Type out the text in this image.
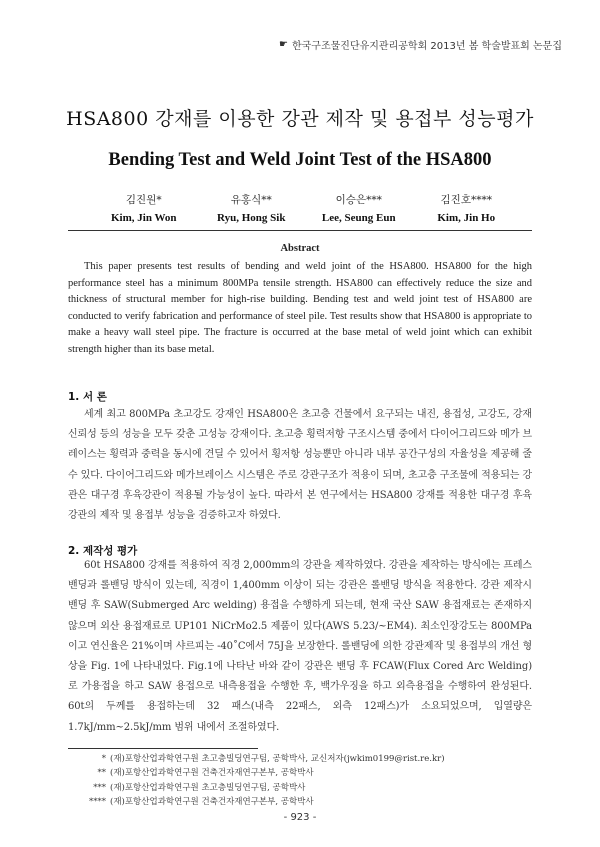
☛ 한국구조물진단유지관리공학회 2013년 봄 학술발표회 논문집
HSA800 강재를 이용한 강관 제작 및 용접부 성능평가
Bending Test and Weld Joint Test of the HSA800
김진원*
Kim, Jin Won
유홍식**
Ryu, Hong Sik
이승은***
Lee, Seung Eun
김진호****
Kim, Jin Ho
Abstract
This paper presents test results of bending and weld joint of the HSA800. HSA800 for the high performance steel has a minimum 800MPa tensile strength. HSA800 can effectively reduce the size and thickness of structural member for high-rise building. Bending test and weld joint test of HSA800 are conducted to verify fabrication and performance of steel pile. Test results show that HSA800 is appropriate to make a heavy wall steel pipe. The fracture is occurred at the base metal of weld joint which can exhibit strength higher than its base metal.
1. 서 론
세계 최고 800MPa 초고강도 강재인 HSA800은 초고층 건물에서 요구되는 내진, 용접성, 고강도, 강재 신뢰성 등의 성능을 모두 갖춘 고성능 강재이다. 초고층 횡력저항 구조시스템 중에서 다이어그리드와 메가 브레이스는 횡력과 중력을 동시에 견딜 수 있어서 횡저항 성능뿐만 아니라 내부 공간구성의 자율성을 제공해 줄 수 있다. 다이어그리드와 메가브레이스 시스템은 주로 강관구조가 적용이 되며, 초고층 구조물에 적용되는 강관은 대구경 후육강관이 적용될 가능성이 높다. 따라서 본 연구에서는 HSA800 강재를 적용한 대구경 후육강관의 제작 및 용접부 성능을 검증하고자 하였다.
2. 제작성 평가
60t HSA800 강재를 적용하여 직경 2,000mm의 강관을 제작하였다. 강관을 제작하는 방식에는 프레스밴딩과 롤밴딩 방식이 있는데, 직경이 1,400mm 이상이 되는 강관은 롤밴딩 방식을 적용한다. 강관 제작시 밴딩 후 SAW(Submerged Arc welding) 용접을 수행하게 되는데, 현재 국산 SAW 용접재료는 존재하지 않으며 외산 용접재료로 UP101 NiCrMo2.5 제품이 있다(AWS 5.23/~EM4). 최소인장강도는 800MPa이고 연신율은 21%이며 샤르피는 -40˚C에서 75J을 보장한다. 롤밴딩에 의한 강관제작 및 용접부의 개선 형상을 Fig. 1에 나타내었다. Fig.1에 나타난 바와 같이 강관은 밴딩 후 FCAW(Flux Cored Arc Welding)로 가용접을 하고 SAW 용접으로 내측용접을 수행한 후, 백가우징을 하고 외측용접을 수행하여 완성된다. 60t의 두께를 용접하는데 32 패스(내측 22패스, 외측 12패스)가 소요되었으며, 입열량은 1.7kJ/mm~2.5kJ/mm 범위 내에서 조절하였다.
* (재)포항산업과학연구원 초고층빌딩연구팀, 공학박사, 교신저자(jwkim0199@rist.re.kr)
** (재)포항산업과학연구원 건축건자재연구본부, 공학박사
*** (재)포항산업과학연구원 초고층빌딩연구팀, 공학박사
**** (재)포항산업과학연구원 건축건자재연구본부, 공학박사
- 923 -
